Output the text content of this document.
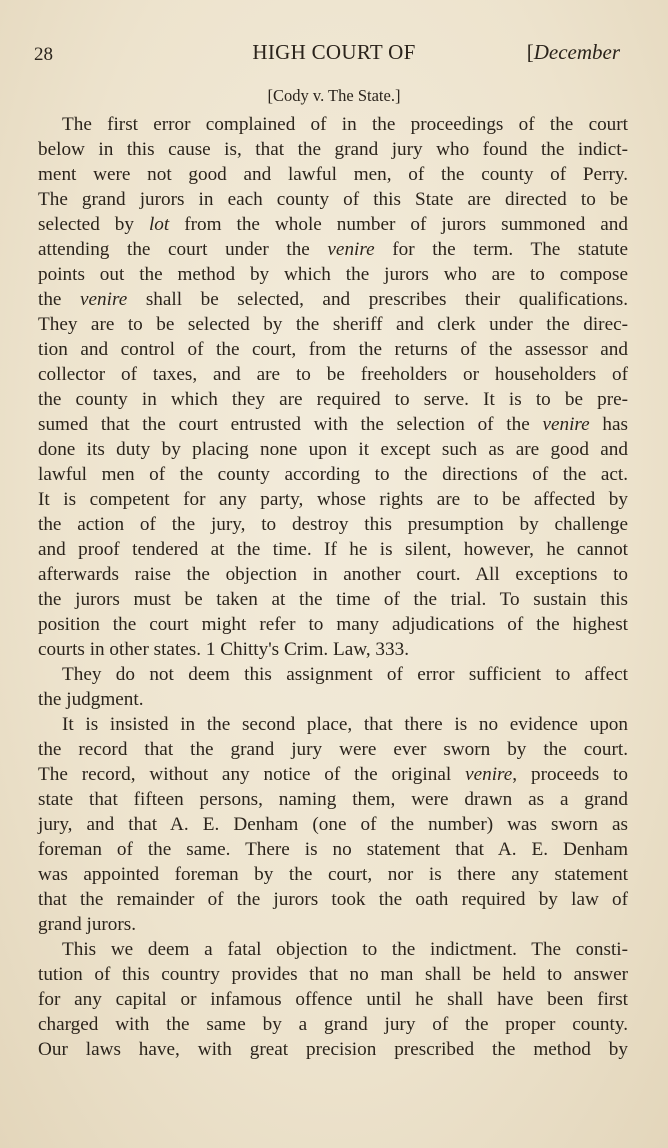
28	HIGH COURT OF	[December
[Cody v. The State.]
The first error complained of in the proceedings of the court
below in this cause is, that the grand jury who found the indict-
ment were not good and lawful men, of the county of Perry.
The grand jurors in each county of this State are directed to be
selected by lot from the whole number of jurors summoned and
attending the court under the venire for the term. The statute
points out the method by which the jurors who are to compose
the venire shall be selected, and prescribes their qualifications.
They are to be selected by the sheriff and clerk under the direc-
tion and control of the court, from the returns of the assessor and
collector of taxes, and are to be freeholders or householders of
the county in which they are required to serve. It is to be pre-
sumed that the court entrusted with the selection of the venire has
done its duty by placing none upon it except such as are good and
lawful men of the county according to the directions of the act.
It is competent for any party, whose rights are to be affected by
the action of the jury, to destroy this presumption by challenge
and proof tendered at the time. If he is silent, however, he cannot
afterwards raise the objection in another court. All exceptions to
the jurors must be taken at the time of the trial. To sustain this
position the court might refer to many adjudications of the highest
courts in other states. 1 Chitty's Crim. Law, 333.
They do not deem this assignment of error sufficient to affect
the judgment.
It is insisted in the second place, that there is no evidence upon
the record that the grand jury were ever sworn by the court.
The record, without any notice of the original venire, proceeds to
state that fifteen persons, naming them, were drawn as a grand
jury, and that A. E. Denham (one of the number) was sworn as
foreman of the same. There is no statement that A. E. Denham
was appointed foreman by the court, nor is there any statement
that the remainder of the jurors took the oath required by law of
grand jurors.
This we deem a fatal objection to the indictment. The consti-
tution of this country provides that no man shall be held to answer
for any capital or infamous offence until he shall have been first
charged with the same by a grand jury of the proper county.
Our laws have, with great precision prescribed the method by
